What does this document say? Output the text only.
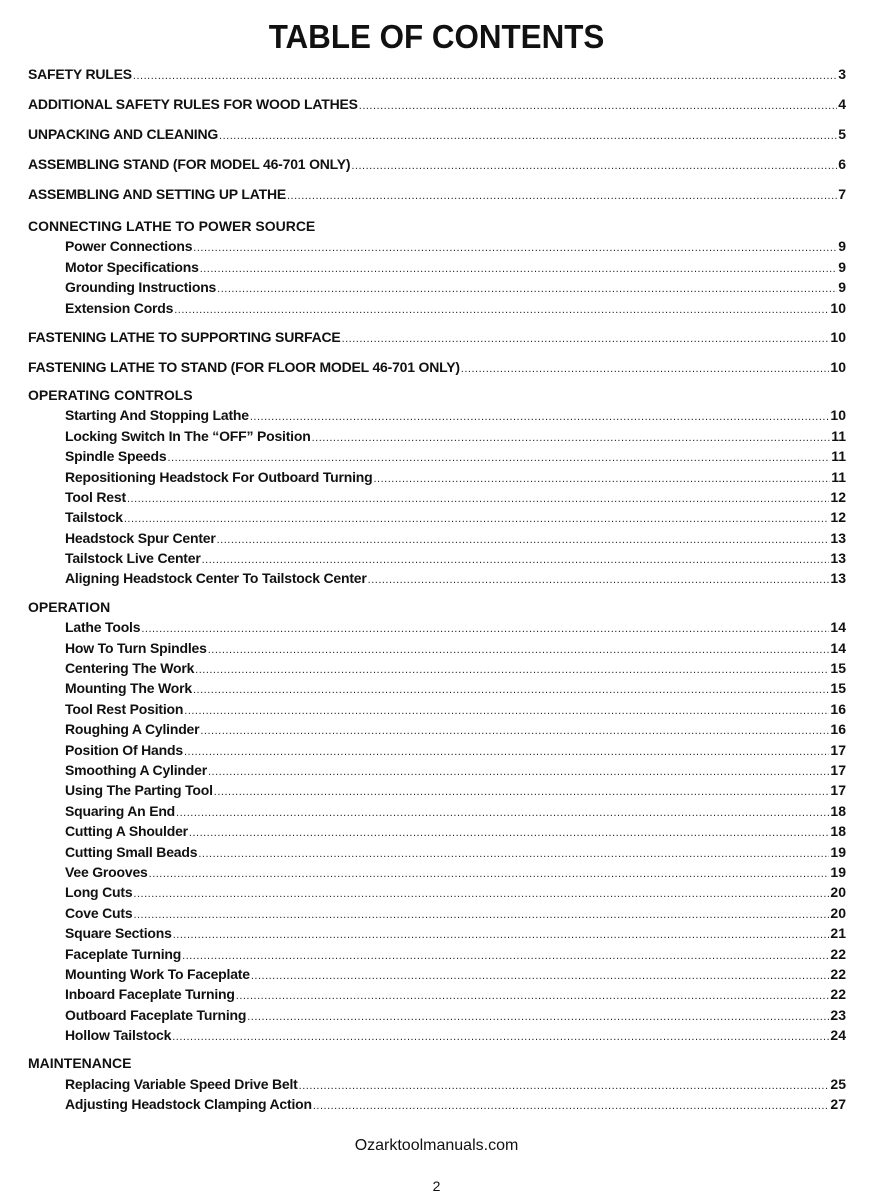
TABLE OF CONTENTS
SAFETY RULES .....	3
ADDITIONAL SAFETY RULES FOR WOOD LATHES .....	4
UNPACKING AND CLEANING .....	5
ASSEMBLING STAND (FOR MODEL 46-701 ONLY) .....	6
ASSEMBLING AND SETTING UP LATHE .....	7
CONNECTING LATHE TO POWER SOURCE
Power Connections .....	9
Motor Specifications .....	9
Grounding Instructions .....	9
Extension Cords .....	10
FASTENING LATHE TO SUPPORTING SURFACE .....	10
FASTENING LATHE TO STAND (FOR FLOOR MODEL 46-701 ONLY) .....	10
OPERATING CONTROLS
Starting And Stopping Lathe .....	10
Locking Switch In The “OFF” Position .....	11
Spindle Speeds .....	11
Repositioning Headstock For Outboard Turning .....	11
Tool Rest .....	12
Tailstock .....	12
Headstock Spur Center .....	13
Tailstock Live Center .....	13
Aligning Headstock Center To Tailstock Center .....	13
OPERATION
Lathe Tools .....	14
How To Turn Spindles .....	14
Centering The Work .....	15
Mounting The Work .....	15
Tool Rest Position .....	16
Roughing A Cylinder .....	16
Position Of Hands .....	17
Smoothing A Cylinder .....	17
Using The Parting Tool .....	17
Squaring An End .....	18
Cutting A Shoulder .....	18
Cutting Small Beads .....	19
Vee Grooves .....	19
Long Cuts .....	20
Cove Cuts .....	20
Square Sections .....	21
Faceplate Turning .....	22
Mounting Work To Faceplate .....	22
Inboard Faceplate Turning .....	22
Outboard Faceplate Turning .....	23
Hollow Tailstock .....	24
MAINTENANCE
Replacing Variable Speed Drive Belt .....	25
Adjusting Headstock Clamping Action .....	27
Ozarktoolmanuals.com
2
